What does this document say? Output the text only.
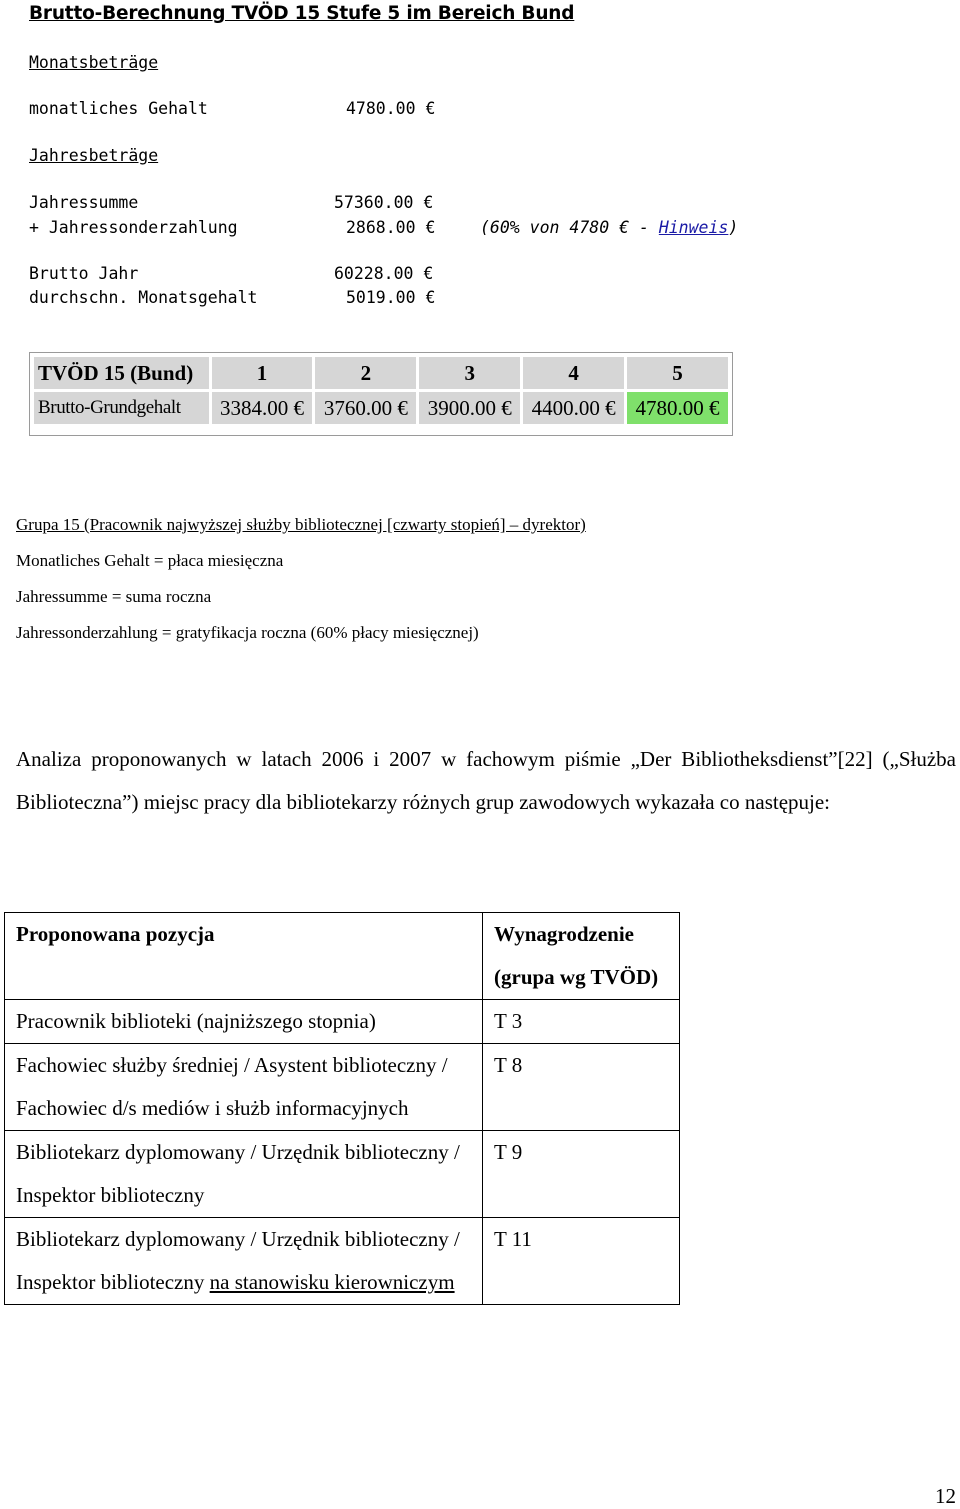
Brutto-Berechnung TVÖD 15 Stufe 5 im Bereich Bund
Monatsbeträge
monatliches Gehalt	4780.00 €
Jahresbeträge
Jahressumme	57360.00 €
+ Jahressonderzahlung	2868.00 €	(60% von 4780 € - Hinweis)
Brutto Jahr	60228.00 €
durchschn. Monatsgehalt	5019.00 €
TVÖD 15 (Bund)	1	2	3	4	5
Brutto-Grundgehalt	3384.00 €	3760.00 €	3900.00 €	4400.00 €	4780.00 €
Grupa 15 (Pracownik najwyższej służby bibliotecznej [czwarty stopień] – dyrektor)
Monatliches Gehalt = płaca miesięczna
Jahressumme = suma roczna
Jahressonderzahlung = gratyfikacja roczna (60% płacy miesięcznej)
Analiza proponowanych w latach 2006 i 2007 w fachowym piśmie „Der Bibliotheksdienst”[22] („Służba Biblioteczna”) miejsc pracy dla bibliotekarzy różnych grup zawodowych wykazała co następuje:
Proponowana pozycja	Wynagrodzenie (grupa wg TVÖD)
Pracownik biblioteki (najniższego stopnia)	T 3
Fachowiec służby średniej / Asystent biblioteczny / Fachowiec d/s mediów i służb informacyjnych	T 8
Bibliotekarz dyplomowany / Urzędnik biblioteczny / Inspektor biblioteczny	T 9
Bibliotekarz dyplomowany / Urzędnik biblioteczny / Inspektor biblioteczny na stanowisku kierowniczym	T 11
12
